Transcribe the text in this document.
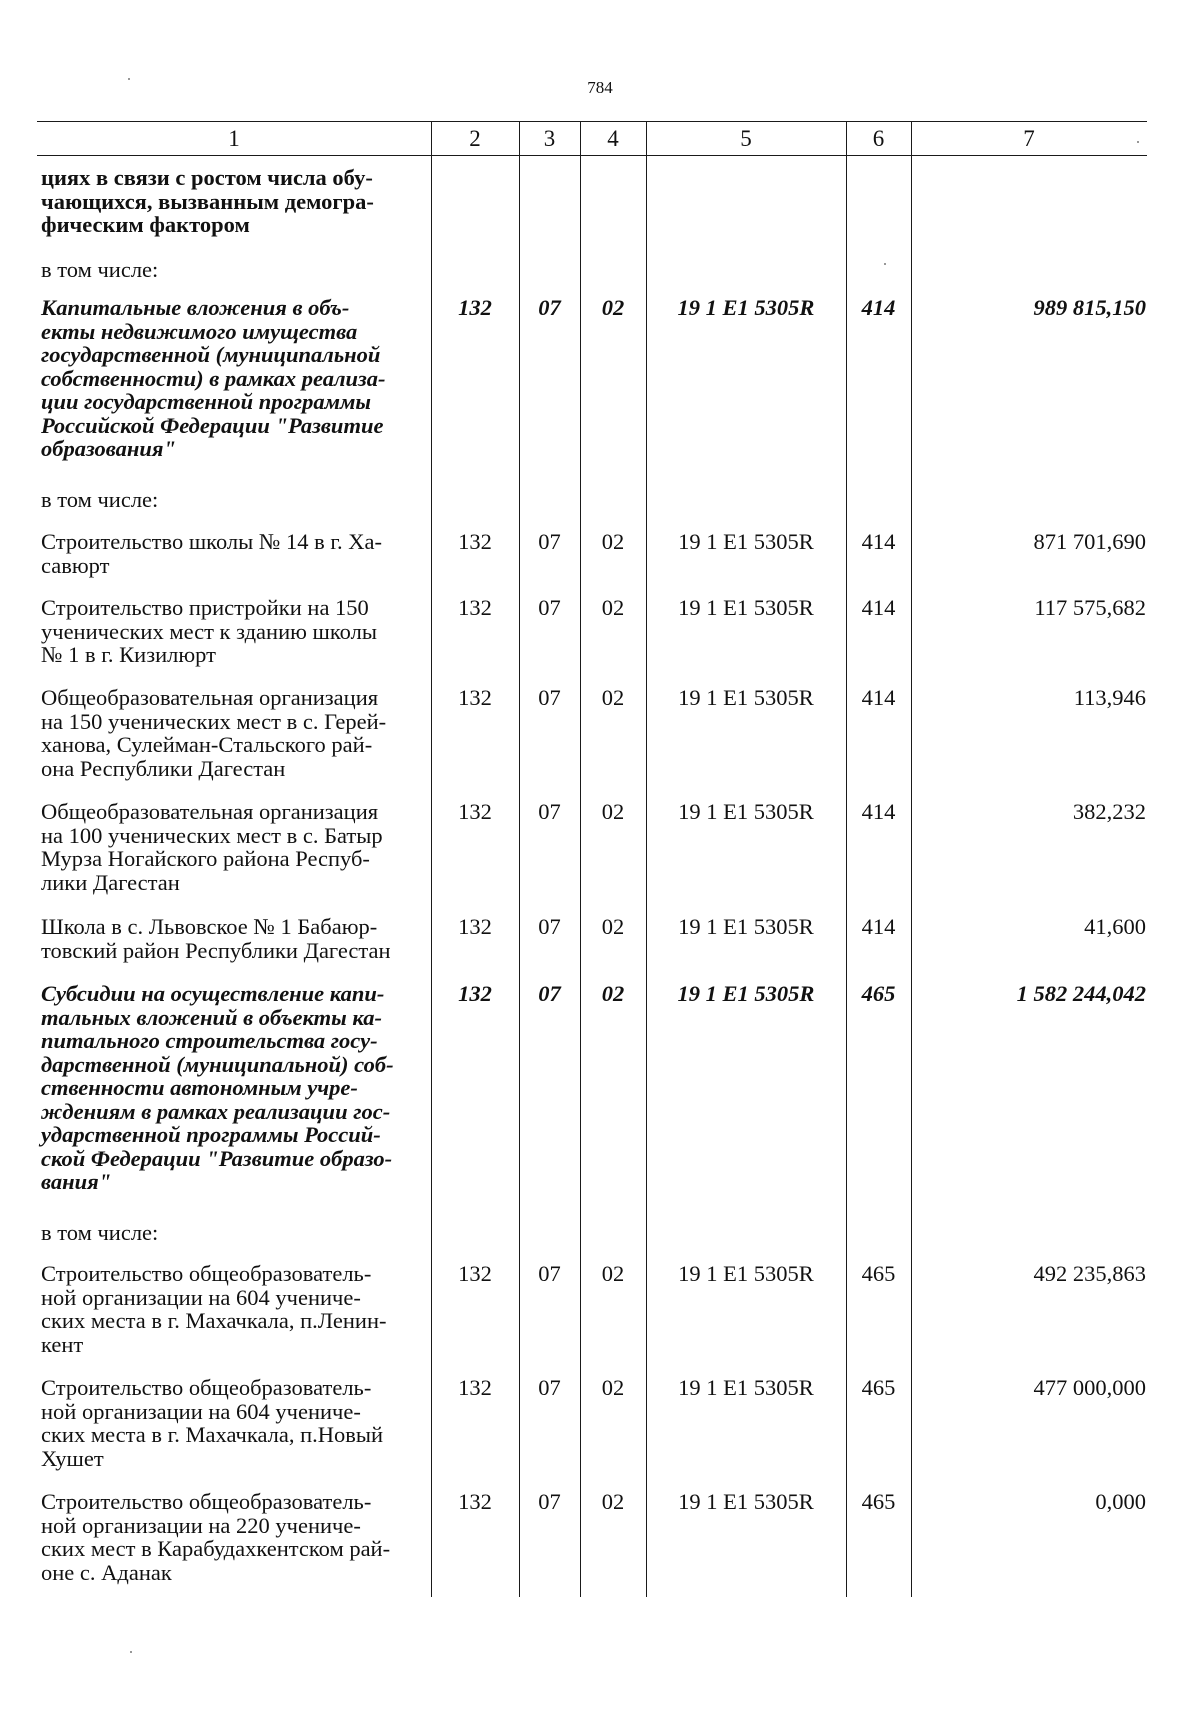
784
1	2	3	4	5	6	7
циях в связи с ростом числа обу-
чающихся, вызванным демогра-
фическим фактором
в том числе:
Капитальные вложения в объ-
екты недвижимого имущества
государственной (муниципальной
собственности) в рамках реализа-
ции государственной программы
Российской Федерации "Развитие
образования"
132	07	02	19 1 E1 5305R	414	989 815,150
в том числе:
Строительство школы № 14 в г. Ха-
савюрт
132	07	02	19 1 E1 5305R	414	871 701,690
Строительство пристройки на 150
ученических мест к зданию школы
№ 1 в г. Кизилюрт
132	07	02	19 1 E1 5305R	414	117 575,682
Общеобразовательная организация
на 150 ученических мест в с. Герей-
ханова, Сулейман-Стальского рай-
она Республики Дагестан
132	07	02	19 1 E1 5305R	414	113,946
Общеобразовательная организация
на 100 ученических мест в с. Батыр
Мурза Ногайского района Респуб-
лики Дагестан
132	07	02	19 1 E1 5305R	414	382,232
Школа в с. Львовское № 1 Бабаюр-
товский район Республики Дагестан
132	07	02	19 1 E1 5305R	414	41,600
Субсидии на осуществление капи-
тальных вложений в объекты ка-
питального строительства госу-
дарственной (муниципальной) соб-
ственности автономным учре-
ждениям в рамках реализации гос-
ударственной программы Россий-
ской Федерации "Развитие образо-
вания"
132	07	02	19 1 E1 5305R	465	1 582 244,042
в том числе:
Строительство общеобразователь-
ной организации на 604 учениче-
ских места в г. Махачкала, п.Ленин-
кент
132	07	02	19 1 E1 5305R	465	492 235,863
Строительство общеобразователь-
ной организации на 604 учениче-
ских места в г. Махачкала, п.Новый
Хушет
132	07	02	19 1 E1 5305R	465	477 000,000
Строительство общеобразователь-
ной организации на 220 учениче-
ских мест в Карабудахкентском рай-
оне с. Аданак
132	07	02	19 1 E1 5305R	465	0,000
